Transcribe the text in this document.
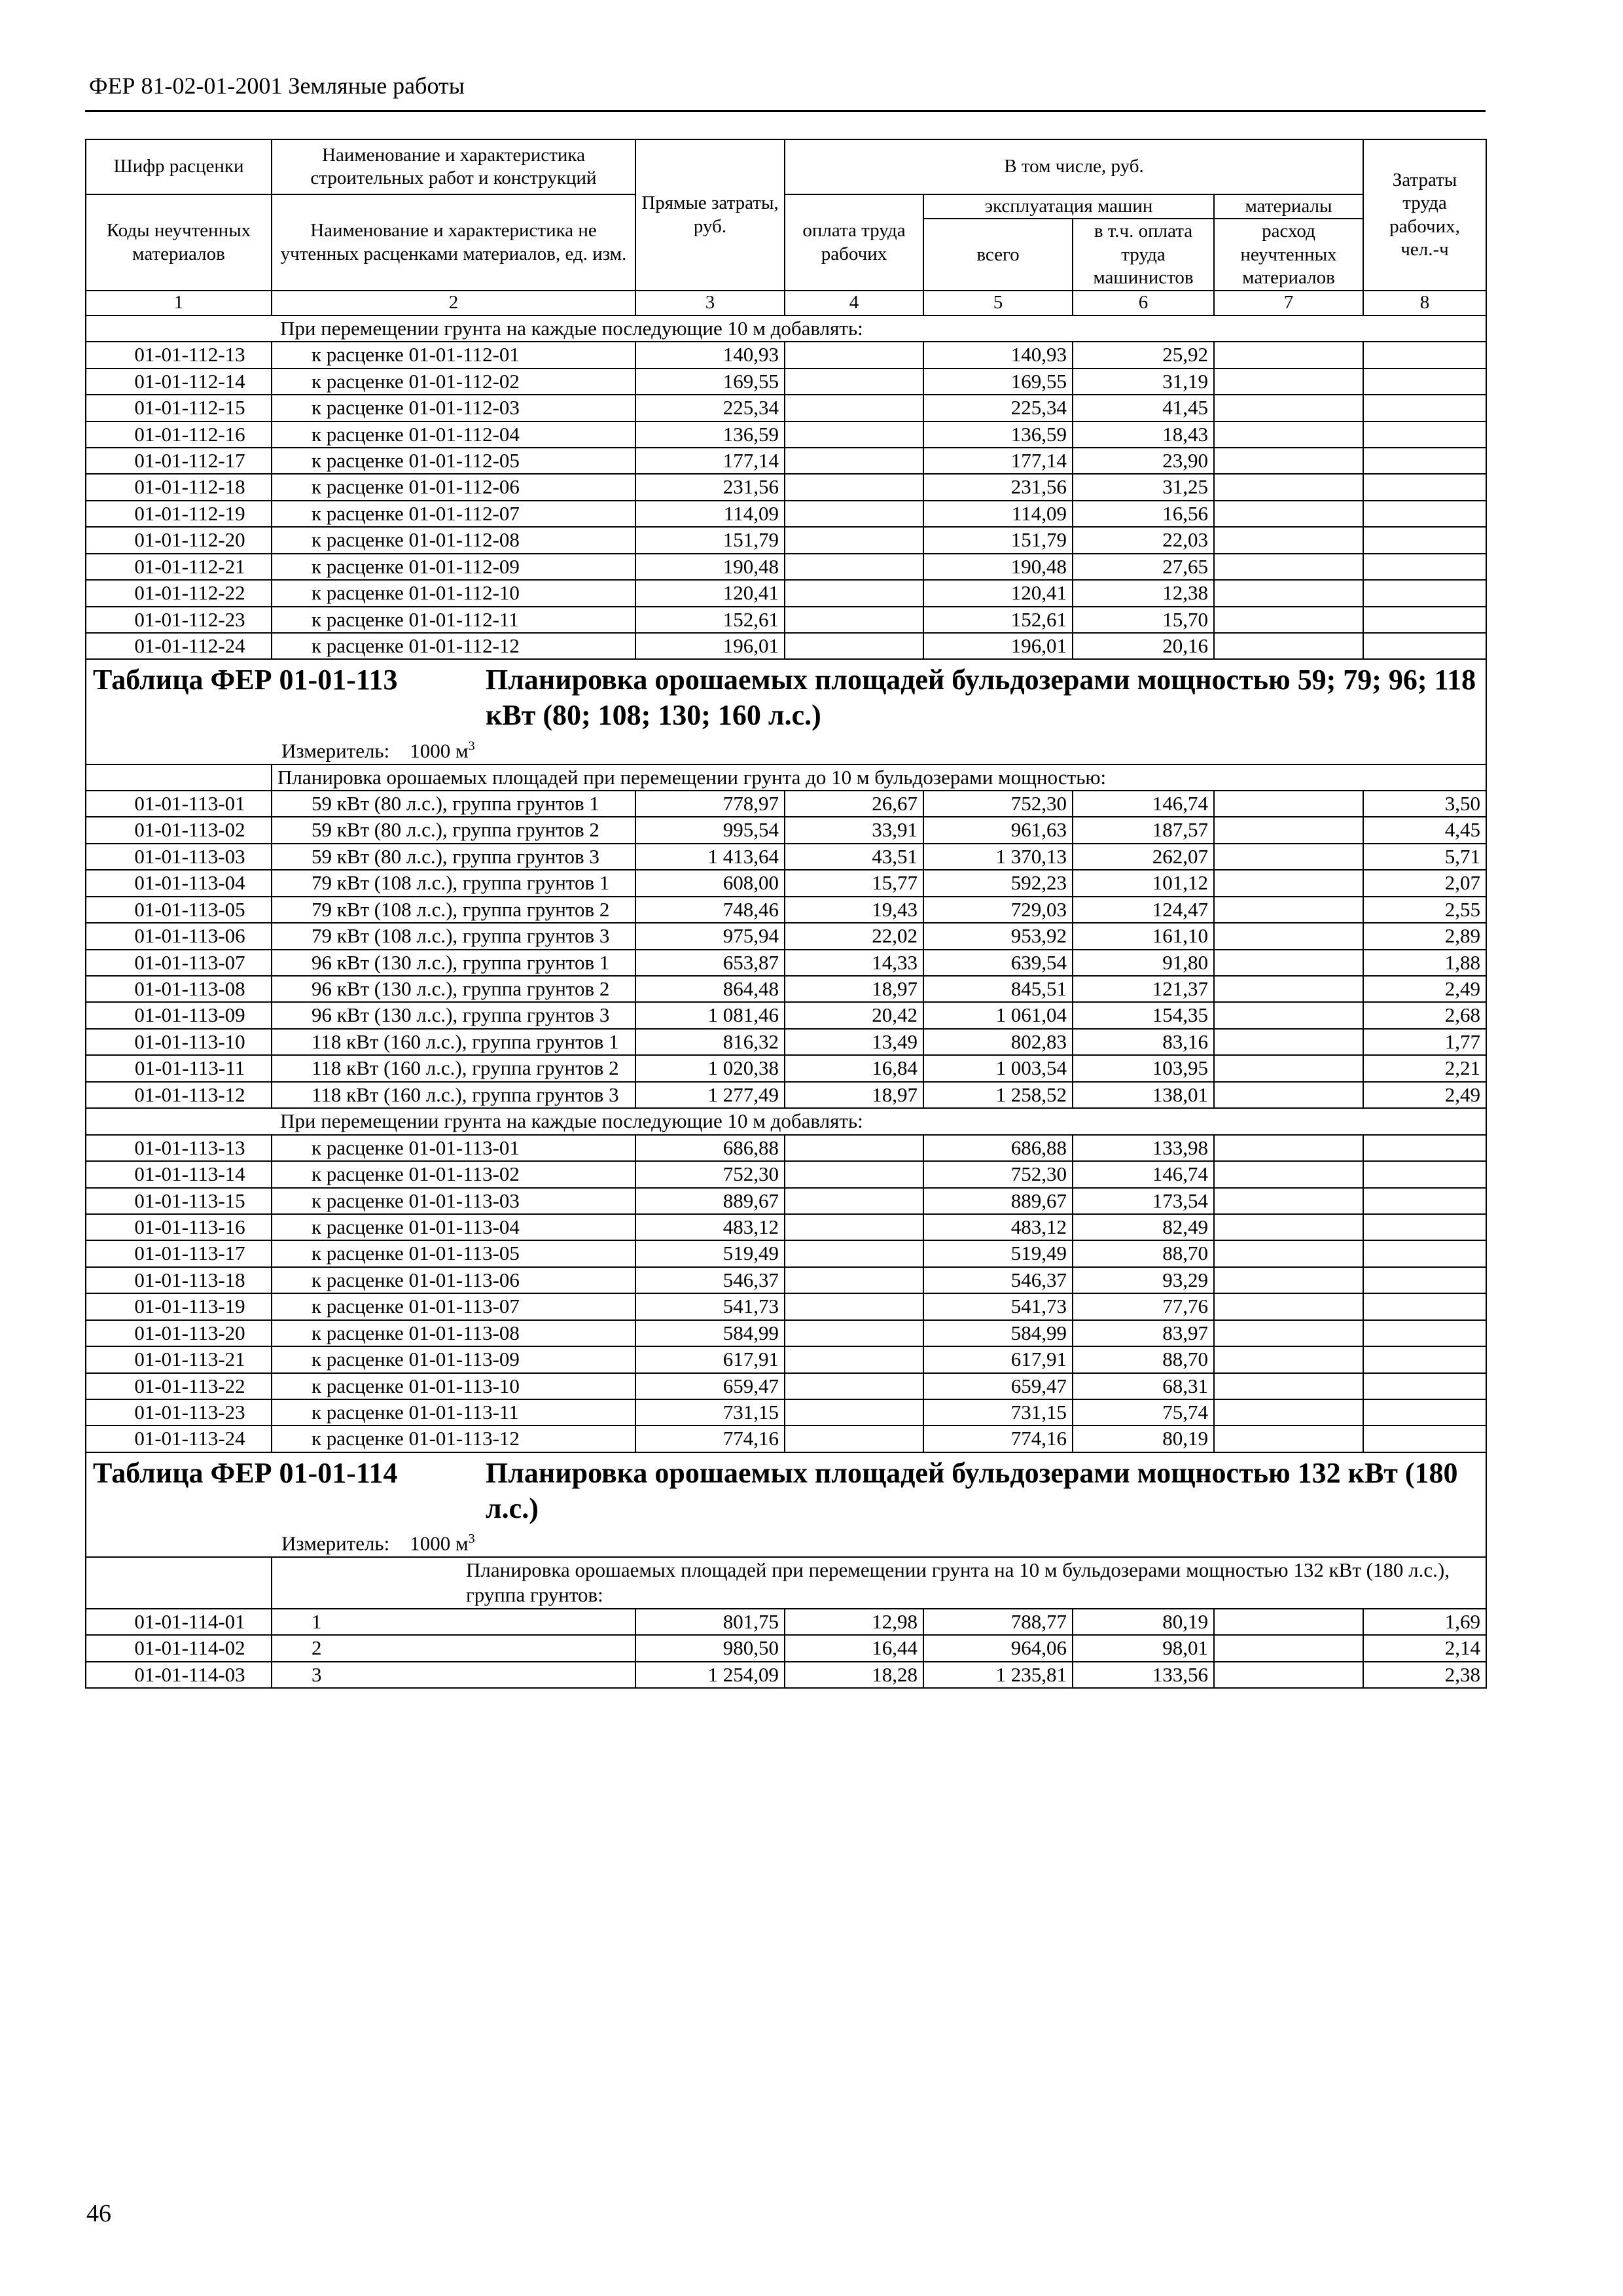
ФЕР 81-02-01-2001 Земляные работы
Шифр расценки	Наименование и характеристика строительных работ и конструкций	Прямые затраты, руб.	В том числе, руб.				Затраты труда рабочих, чел.-ч
Коды неучтенных материалов	Наименование и характеристика не учтенных расценками материалов, ед. изм.		оплата труда рабочих	эксплуатация машин		материалы	
				всего	в т.ч. оплата труда машинистов	расход неучтенных материалов	
1	2	3	4	5	6	7	8
При перемещении грунта на каждые последующие 10 м добавлять:							
01-01-112-13	к расценке 01-01-112-01	140,93		140,93	25,92		
01-01-112-14	к расценке 01-01-112-02	169,55		169,55	31,19		
01-01-112-15	к расценке 01-01-112-03	225,34		225,34	41,45		
01-01-112-16	к расценке 01-01-112-04	136,59		136,59	18,43		
01-01-112-17	к расценке 01-01-112-05	177,14		177,14	23,90		
01-01-112-18	к расценке 01-01-112-06	231,56		231,56	31,25		
01-01-112-19	к расценке 01-01-112-07	114,09		114,09	16,56		
01-01-112-20	к расценке 01-01-112-08	151,79		151,79	22,03		
01-01-112-21	к расценке 01-01-112-09	190,48		190,48	27,65		
01-01-112-22	к расценке 01-01-112-10	120,41		120,41	12,38		
01-01-112-23	к расценке 01-01-112-11	152,61		152,61	15,70		
01-01-112-24	к расценке 01-01-112-12	196,01		196,01	20,16		

Таблица ФЕР 01-01-113 Планировка орошаемых площадей бульдозерами мощностью 59; 79; 96; 118 кВт (80; 108; 130; 160 л.с.)
Измеритель: 1000 $м^3$

	Планировка орошаемых площадей при перемещении грунта до 10 м бульдозерами мощностью:						
01-01-113-01	59 кВт (80 л.с.), группа грунтов 1	778,97	26,67	752,30	146,74		3,50
01-01-113-02	59 кВт (80 л.с.), группа грунтов 2	995,54	33,91	961,63	187,57		4,45
01-01-113-03	59 кВт (80 л.с.), группа грунтов 3	1 413,64	43,51	1 370,13	262,07		5,71
01-01-113-04	79 кВт (108 л.с.), группа грунтов 1	608,00	15,77	592,23	101,12		2,07
01-01-113-05	79 кВт (108 л.с.), группа грунтов 2	748,46	19,43	729,03	124,47		2,55
01-01-113-06	79 кВт (108 л.с.), группа грунтов 3	975,94	22,02	953,92	161,10		2,89
01-01-113-07	96 кВт (130 л.с.), группа грунтов 1	653,87	14,33	639,54	91,80		1,88
01-01-113-08	96 кВт (130 л.с.), группа грунтов 2	864,48	18,97	845,51	121,37		2,49
01-01-113-09	96 кВт (130 л.с.), группа грунтов 3	1 081,46	20,42	1 061,04	154,35		2,68
01-01-113-10	118 кВт (160 л.с.), группа грунтов 1	816,32	13,49	802,83	83,16		1,77
01-01-113-11	118 кВт (160 л.с.), группа грунтов 2	1 020,38	16,84	1 003,54	103,95		2,21
01-01-113-12	118 кВт (160 л.с.), группа грунтов 3	1 277,49	18,97	1 258,52	138,01		2,49
При перемещении грунта на каждые последующие 10 м добавлять:							
01-01-113-13	к расценке 01-01-113-01	686,88		686,88	133,98		
01-01-113-14	к расценке 01-01-113-02	752,30		752,30	146,74		
01-01-113-15	к расценке 01-01-113-03	889,67		889,67	173,54		
01-01-113-16	к расценке 01-01-113-04	483,12		483,12	82,49		
01-01-113-17	к расценке 01-01-113-05	519,49		519,49	88,70		
01-01-113-18	к расценке 01-01-113-06	546,37		546,37	93,29		
01-01-113-19	к расценке 01-01-113-07	541,73		541,73	77,76		
01-01-113-20	к расценке 01-01-113-08	584,99		584,99	83,97		
01-01-113-21	к расценке 01-01-113-09	617,91		617,91	88,70		
01-01-113-22	к расценке 01-01-113-10	659,47		659,47	68,31		
01-01-113-23	к расценке 01-01-113-11	731,15		731,15	75,74		
01-01-113-24	к расценке 01-01-113-12	774,16		774,16	80,19		

Таблица ФЕР 01-01-114 Планировка орошаемых площадей бульдозерами мощностью 132 кВт (180 л.с.)
Измеритель: 1000 $м^3$

	Планировка орошаемых площадей при перемещении грунта на 10 м бульдозерами мощностью 132 кВт (180 л.с.), группа грунтов:						
01-01-114-01	1	801,75	12,98	788,77	80,19		1,69
01-01-114-02	2	980,50	16,44	964,06	98,01		2,14
01-01-114-03	3	1 254,09	18,28	1 235,81	133,56		2,38
46
